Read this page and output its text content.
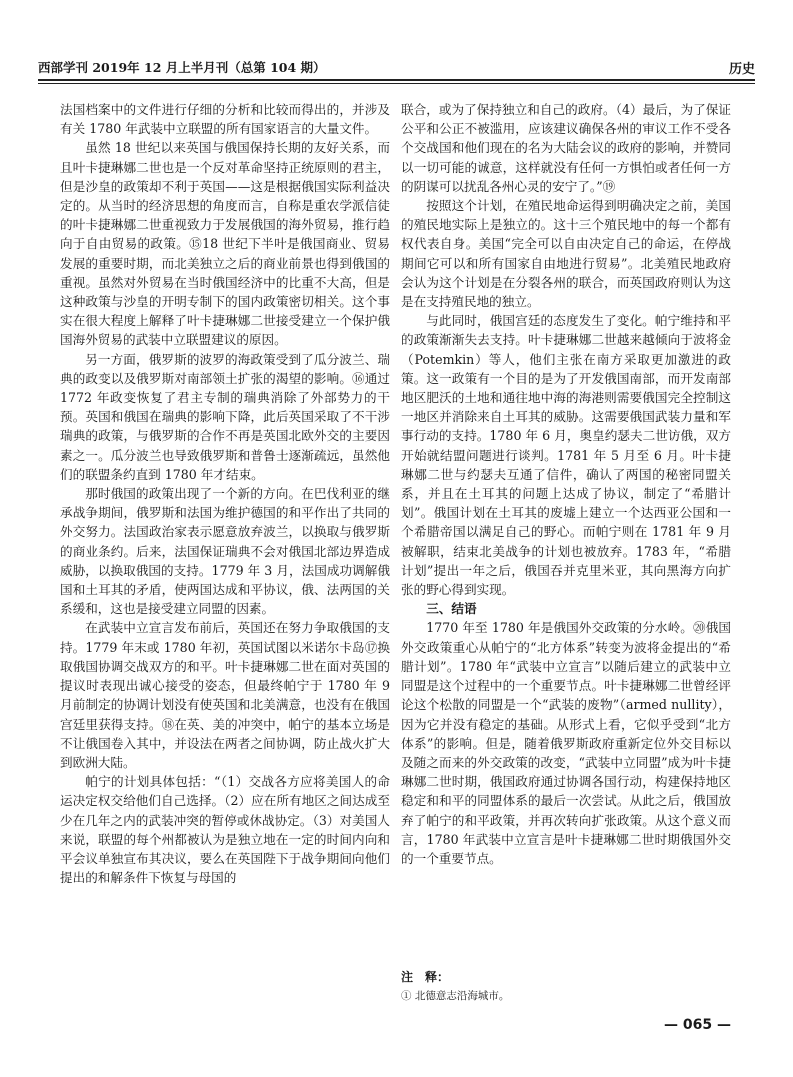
西部学刊 2019年 12 月上半月刊（总第 104 期）	历史

法国档案中的文件进行仔细的分析和比较而得出的，并涉及有关 1780 年武装中立联盟的所有国家语言的大量文件。

虽然 18 世纪以来英国与俄国保持长期的友好关系，而且叶卡捷琳娜二世也是一个反对革命坚持正统原则的君主，但是沙皇的政策却不利于英国——这是根据俄国实际利益决定的。从当时的经济思想的角度而言，自称是重农学派信徒的叶卡捷琳娜二世重视致力于发展俄国的海外贸易，推行趋向于自由贸易的政策。⑮18 世纪下半叶是俄国商业、贸易发展的重要时期，而北美独立之后的商业前景也得到俄国的重视。虽然对外贸易在当时俄国经济中的比重不大高，但是这种政策与沙皇的开明专制下的国内政策密切相关。这个事实在很大程度上解释了叶卡捷琳娜二世接受建立一个保护俄国海外贸易的武装中立联盟建议的原因。

另一方面，俄罗斯的波罗的海政策受到了瓜分波兰、瑞典的政变以及俄罗斯对南部领土扩张的渴望的影响。⑯通过 1772 年政变恢复了君主专制的瑞典消除了外部势力的干预。英国和俄国在瑞典的影响下降，此后英国采取了不干涉瑞典的政策，与俄罗斯的合作不再是英国北欧外交的主要因素之一。瓜分波兰也导致俄罗斯和普鲁士逐渐疏远，虽然他们的联盟条约直到 1780 年才结束。

那时俄国的政策出现了一个新的方向。在巴伐利亚的继承战争期间，俄罗斯和法国为维护德国的和平作出了共同的外交努力。法国政治家表示愿意放弃波兰，以换取与俄罗斯的商业条约。后来，法国保证瑞典不会对俄国北部边界造成威胁，以换取俄国的支持。1779 年 3 月，法国成功调解俄国和土耳其的矛盾，使两国达成和平协议，俄、法两国的关系缓和，这也是接受建立同盟的因素。

在武装中立宣言发布前后，英国还在努力争取俄国的支持。1779 年末或 1780 年初，英国试图以米诺尔卡岛⑰换取俄国协调交战双方的和平。叶卡捷琳娜二世在面对英国的提议时表现出诚心接受的姿态，但最终帕宁于 1780 年 9 月前制定的协调计划没有使英国和北美满意，也没有在俄国宫廷里获得支持。⑱在英、美的冲突中，帕宁的基本立场是不让俄国卷入其中，并设法在两者之间协调，防止战火扩大到欧洲大陆。

帕宁的计划具体包括：“（1）交战各方应将美国人的命运决定权交给他们自己选择。（2）应在所有地区之间达成至少在几年之内的武装冲突的暂停或休战协定。（3）对美国人来说，联盟的每个州都被认为是独立地在一定的时间内向和平会议单独宣布其决议，要么在英国陛下于战争期间向他们提出的和解条件下恢复与母国的

联合，或为了保持独立和自己的政府。（4）最后，为了保证公平和公正不被滥用，应该建议确保各州的审议工作不受各个交战国和他们现在的名为大陆会议的政府的影响，并赞同以一切可能的诚意，这样就没有任何一方惧怕或者任何一方的阴谋可以扰乱各州心灵的安宁了。”⑲

按照这个计划，在殖民地命运得到明确决定之前，美国的殖民地实际上是独立的。这十三个殖民地中的每一个都有权代表自身。美国“完全可以自由决定自己的命运，在停战期间它可以和所有国家自由地进行贸易”。北美殖民地政府会认为这个计划是在分裂各州的联合，而英国政府则认为这是在支持殖民地的独立。

与此同时，俄国宫廷的态度发生了变化。帕宁维持和平的政策渐渐失去支持。叶卡捷琳娜二世越来越倾向于波将金（Potemkin）等人，他们主张在南方采取更加激进的政策。这一政策有一个目的是为了开发俄国南部，而开发南部地区肥沃的土地和通往地中海的海港则需要俄国完全控制这一地区并消除来自土耳其的威胁。这需要俄国武装力量和军事行动的支持。1780 年 6 月，奥皇约瑟夫二世访俄，双方开始就结盟问题进行谈判。1781 年 5 月至 6 月。叶卡捷琳娜二世与约瑟夫互通了信件，确认了两国的秘密同盟关系，并且在土耳其的问题上达成了协议，制定了“希腊计划”。俄国计划在土耳其的废墟上建立一个达西亚公国和一个希腊帝国以满足自己的野心。而帕宁则在 1781 年 9 月被解职，结束北美战争的计划也被放弃。1783 年，“希腊计划”提出一年之后，俄国吞并克里米亚，其向黑海方向扩张的野心得到实现。

三、结语

1770 年至 1780 年是俄国外交政策的分水岭。⑳俄国外交政策重心从帕宁的“北方体系”转变为波将金提出的“希腊计划”。1780 年“武装中立宣言”以随后建立的武装中立同盟是这个过程中的一个重要节点。叶卡捷琳娜二世曾经评论这个松散的同盟是一个“武装的废物”（armed nullity），因为它并没有稳定的基础。从形式上看，它似乎受到“北方体系”的影响。但是，随着俄罗斯政府重新定位外交目标以及随之而来的外交政策的改变，“武装中立同盟”成为叶卡捷琳娜二世时期，俄国政府通过协调各国行动，构建保持地区稳定和和平的同盟体系的最后一次尝试。从此之后，俄国放弃了帕宁的和平政策，并再次转向扩张政策。从这个意义而言，1780 年武装中立宣言是叶卡捷琳娜二世时期俄国外交的一个重要节点。

注　释：
① 北德意志沿海城市。
— 065 —
